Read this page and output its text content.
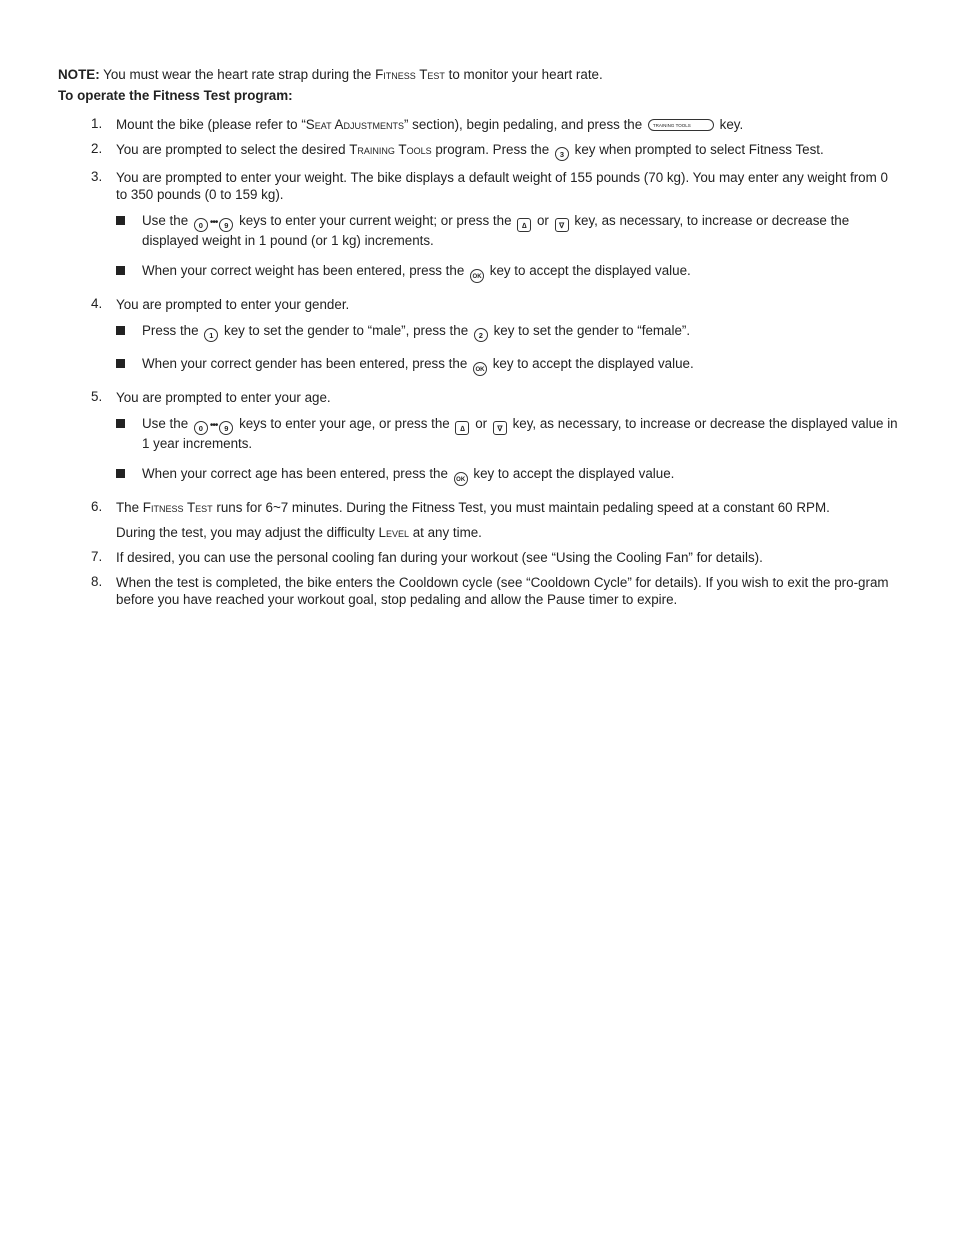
NOTE: You must wear the heart rate strap during the Fitness Test to monitor your heart rate.

To operate the Fitness Test program:

1. Mount the bike (please refer to “Seat Adjustments” section), begin pedaling, and press the TRAINING TOOLS key.

2. You are prompted to select the desired Training Tools program. Press the 3 key when prompted to select Fitness Test.

3. You are prompted to enter your weight. The bike displays a default weight of 155 pounds (70 kg). You may enter any weight from 0 to 350 pounds (0 to 159 kg).

Use the 0 ••• 9 keys to enter your current weight; or press the ∆ or ∇ key, as necessary, to increase or decrease the displayed weight in 1 pound (or 1 kg) increments.

When your correct weight has been entered, press the OK key to accept the displayed value.

4. You are prompted to enter your gender.

Press the 1 key to set the gender to “male”, press the 2 key to set the gender to “female”.

When your correct gender has been entered, press the OK key to accept the displayed value.

5. You are prompted to enter your age.

Use the 0 ••• 9 keys to enter your age, or press the ∆ or ∇ key, as necessary, to increase or decrease the displayed value in 1 year increments.

When your correct age has been entered, press the OK key to accept the displayed value.

6. The Fitness Test runs for 6~7 minutes. During the Fitness Test, you must maintain pedaling speed at a constant 60 RPM.

During the test, you may adjust the difficulty Level at any time.

7. If desired, you can use the personal cooling fan during your workout (see “Using the Cooling Fan” for details).

8. When the test is completed, the bike enters the Cooldown cycle (see “Cooldown Cycle” for details). If you wish to exit the pro-gram before you have reached your workout goal, stop pedaling and allow the Pause timer to expire.
